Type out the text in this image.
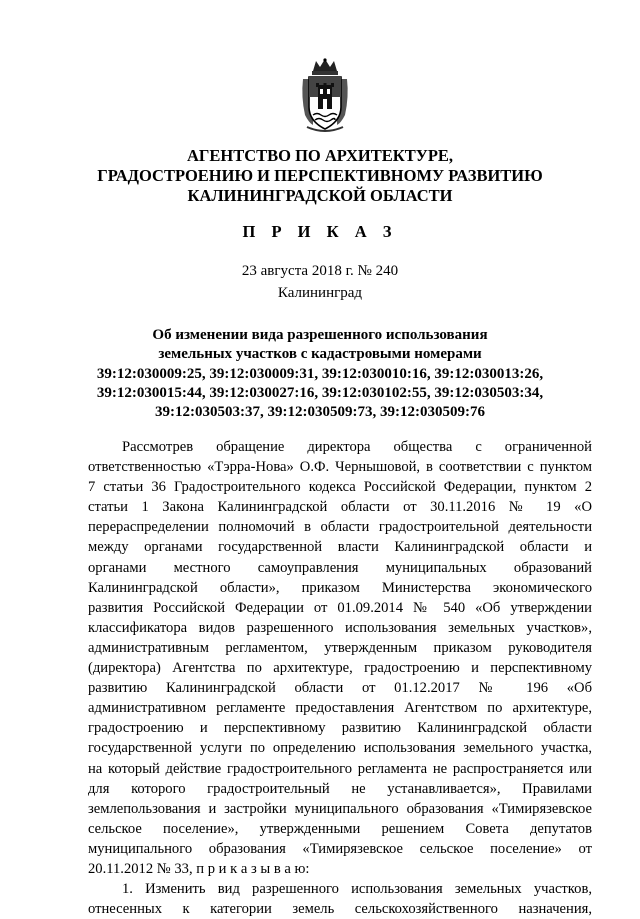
АГЕНТСТВО ПО АРХИТЕКТУРЕ,
ГРАДОСТРОЕНИЮ И ПЕРСПЕКТИВНОМУ РАЗВИТИЮ
КАЛИНИНГРАДСКОЙ ОБЛАСТИ
П Р И К А З
23 августа 2018 г. № 240
Калининград
Об изменении вида разрешенного использования
земельных участков с кадастровыми номерами
39:12:030009:25, 39:12:030009:31, 39:12:030010:16, 39:12:030013:26,
39:12:030015:44, 39:12:030027:16, 39:12:030102:55, 39:12:030503:34,
39:12:030503:37, 39:12:030509:73, 39:12:030509:76
Рассмотрев обращение директора общества с ограниченной
ответственностью «Тэрра-Нова» О.Ф. Чернышовой, в соответствии с пунктом
7 статьи 36 Градостроительного кодекса Российской Федерации, пунктом 2
статьи 1 Закона Калининградской области от 30.11.2016 № 19 «О
перераспределении полномочий в области градостроительной деятельности
между органами государственной власти Калининградской области и
органами местного самоуправления муниципальных образований
Калининградской области», приказом Министерства экономического
развития Российской Федерации от 01.09.2014 № 540 «Об утверждении
классификатора видов разрешенного использования земельных участков»,
административным регламентом, утвержденным приказом руководителя
(директора) Агентства по архитектуре, градостроению и перспективному
развитию Калининградской области от 01.12.2017 № 196 «Об
административном регламенте предоставления Агентством по архитектуре,
градостроению и перспективному развитию Калининградской области
государственной услуги по определению использования земельного участка,
на который действие градостроительного регламента не распространяется или
для которого градостроительный не устанавливается», Правилами
землепользования и застройки муниципального образования «Тимирязевское
сельское поселение», утвержденными решением Совета депутатов
муниципального образования «Тимирязевское сельское поселение» от
20.11.2012 № 33, п р и к а з ы в а ю:
1. Изменить вид разрешенного использования земельных участков,
отнесенных к категории земель сельскохозяйственного назначения,
